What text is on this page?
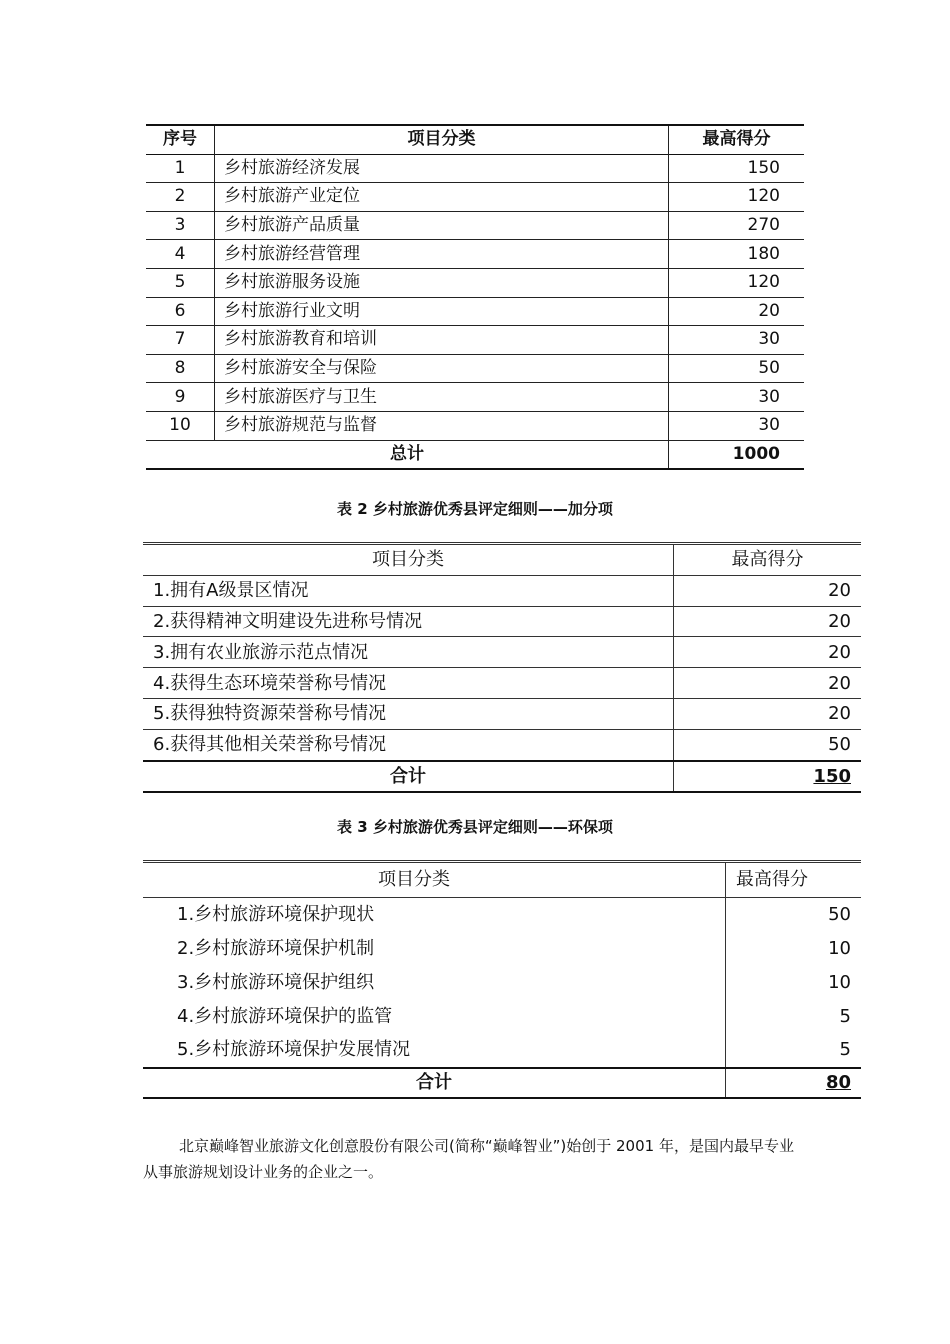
序号	项目分类	最高得分
1	乡村旅游经济发展	150
2	乡村旅游产业定位	120
3	乡村旅游产品质量	270
4	乡村旅游经营管理	180
5	乡村旅游服务设施	120
6	乡村旅游行业文明	20
7	乡村旅游教育和培训	30
8	乡村旅游安全与保险	50
9	乡村旅游医疗与卫生	30
10	乡村旅游规范与监督	30
总计		1000
表 2 乡村旅游优秀县评定细则——加分项
项目分类	最高得分
1.拥有A级景区情况	20
2.获得精神文明建设先进称号情况	20
3.拥有农业旅游示范点情况	20
4.获得生态环境荣誉称号情况	20
5.获得独特资源荣誉称号情况	20
6.获得其他相关荣誉称号情况	50
合计	150
表 3 乡村旅游优秀县评定细则——环保项
项目分类	最高得分
1.乡村旅游环境保护现状	50
2.乡村旅游环境保护机制	10
3.乡村旅游环境保护组织	10
4.乡村旅游环境保护的监管	5
5.乡村旅游环境保护发展情况	5
合计	80

北京巅峰智业旅游文化创意股份有限公司(简称“巅峰智业”)始创于 2001 年，是国内最早专业从事旅游规划设计业务的企业之一。
